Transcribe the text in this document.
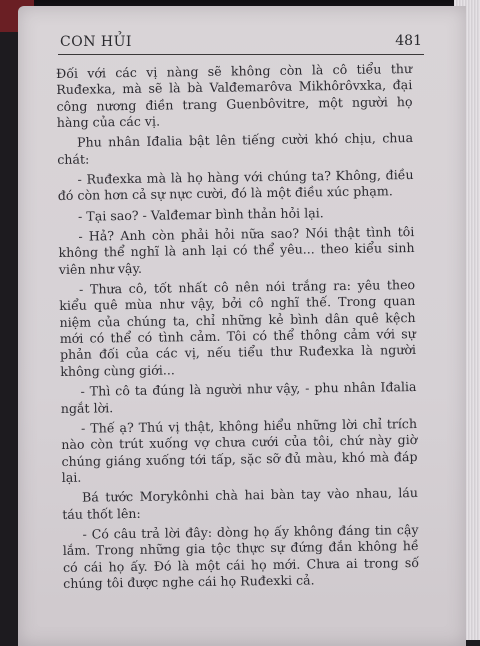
CON HỦI	481

Đối với các vị nàng sẽ không còn là cô tiểu thư Ruđexka, mà sẽ là bà Valđemarôva Mikhôrôvxka, đại công nương điền trang Guenbôvitre, một người họ hàng của các vị.

Phu nhân Iđalia bật lên tiếng cười khó chịu, chua chát:

- Ruđexka mà là họ hàng với chúng ta? Không, điều đó còn hơn cả sự nực cười, đó là một điều xúc phạm.

- Tại sao? - Valđemar bình thản hỏi lại.

- Hả? Anh còn phải hỏi nữa sao? Nói thật tình tôi không thể nghĩ là anh lại có thể yêu... theo kiểu sinh viên như vậy.

- Thưa cô, tốt nhất cô nên nói trắng ra: yêu theo kiểu quê mùa như vậy, bởi cô nghĩ thế. Trong quan niệm của chúng ta, chỉ những kẻ bình dân quê kệch mới có thể có tình cảm. Tôi có thể thông cảm với sự phản đối của các vị, nếu tiểu thư Ruđexka là người không cùng giới...

- Thì cô ta đúng là người như vậy, - phu nhân Iđalia ngắt lời.

- Thế ạ? Thú vị thật, không hiểu những lời chỉ trích nào còn trút xuống vợ chưa cưới của tôi, chứ này giờ chúng giáng xuống tới tấp, sặc sỡ đủ màu, khó mà đáp lại.

Bá tước Morykônhi chà hai bàn tay vào nhau, láu táu thốt lên:

- Có câu trả lời đây: dòng họ ấy không đáng tin cậy lắm. Trong những gia tộc thực sự đứng đắn không hề có cái họ ấy. Đó là một cái họ mới. Chưa ai trong số chúng tôi được nghe cái họ Ruđexki cả.
